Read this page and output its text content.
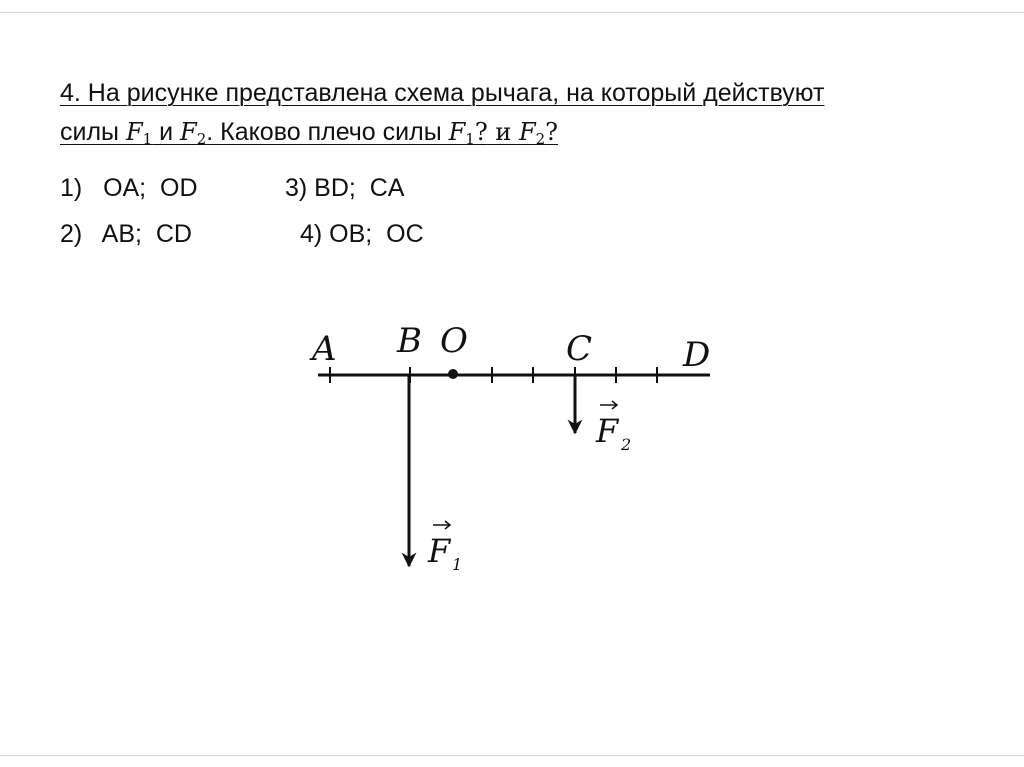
4. На рисунке представлена схема рычага, на который действуют силы $F_1$ и $F_2$. Каково плечо силы $F_1$? и $F_2$?

1)   OA;  OD

	3) BD;  CA

2)   AB;  CD

	4) OB;  OC

A B O	C	D
F 1
F 2
